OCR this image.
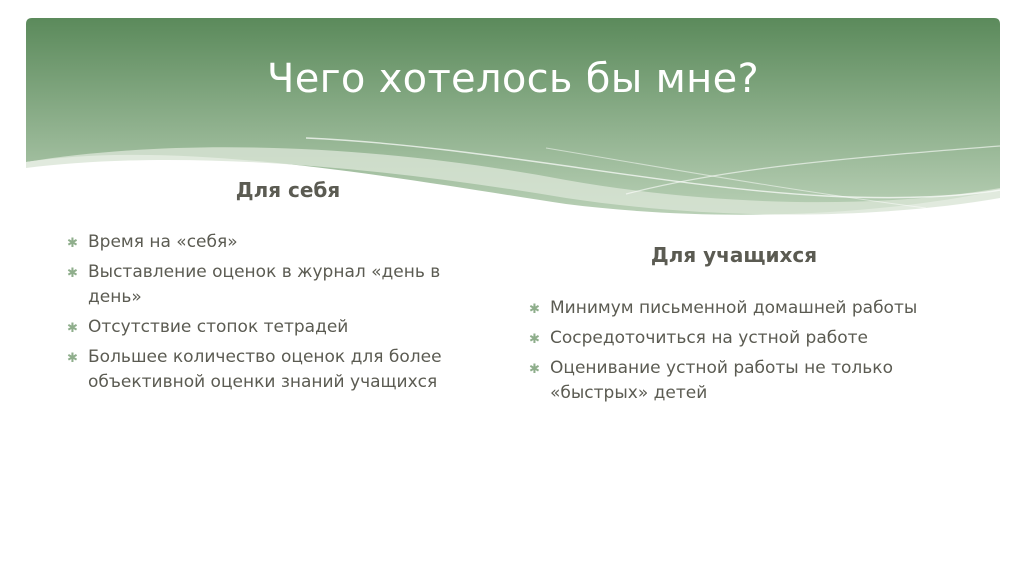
Чего хотелось бы мне?
Для себя
✱ Время на «себя»
✱ Выставление оценок в журнал «день в день»
✱ Отсутствие стопок тетрадей
✱ Большее количество оценок для более объективной оценки знаний учащихся
Для учащихся
✱ Минимум письменной домашней работы
✱ Сосредоточиться на устной работе
✱ Оценивание устной работы не только «быстрых» детей
